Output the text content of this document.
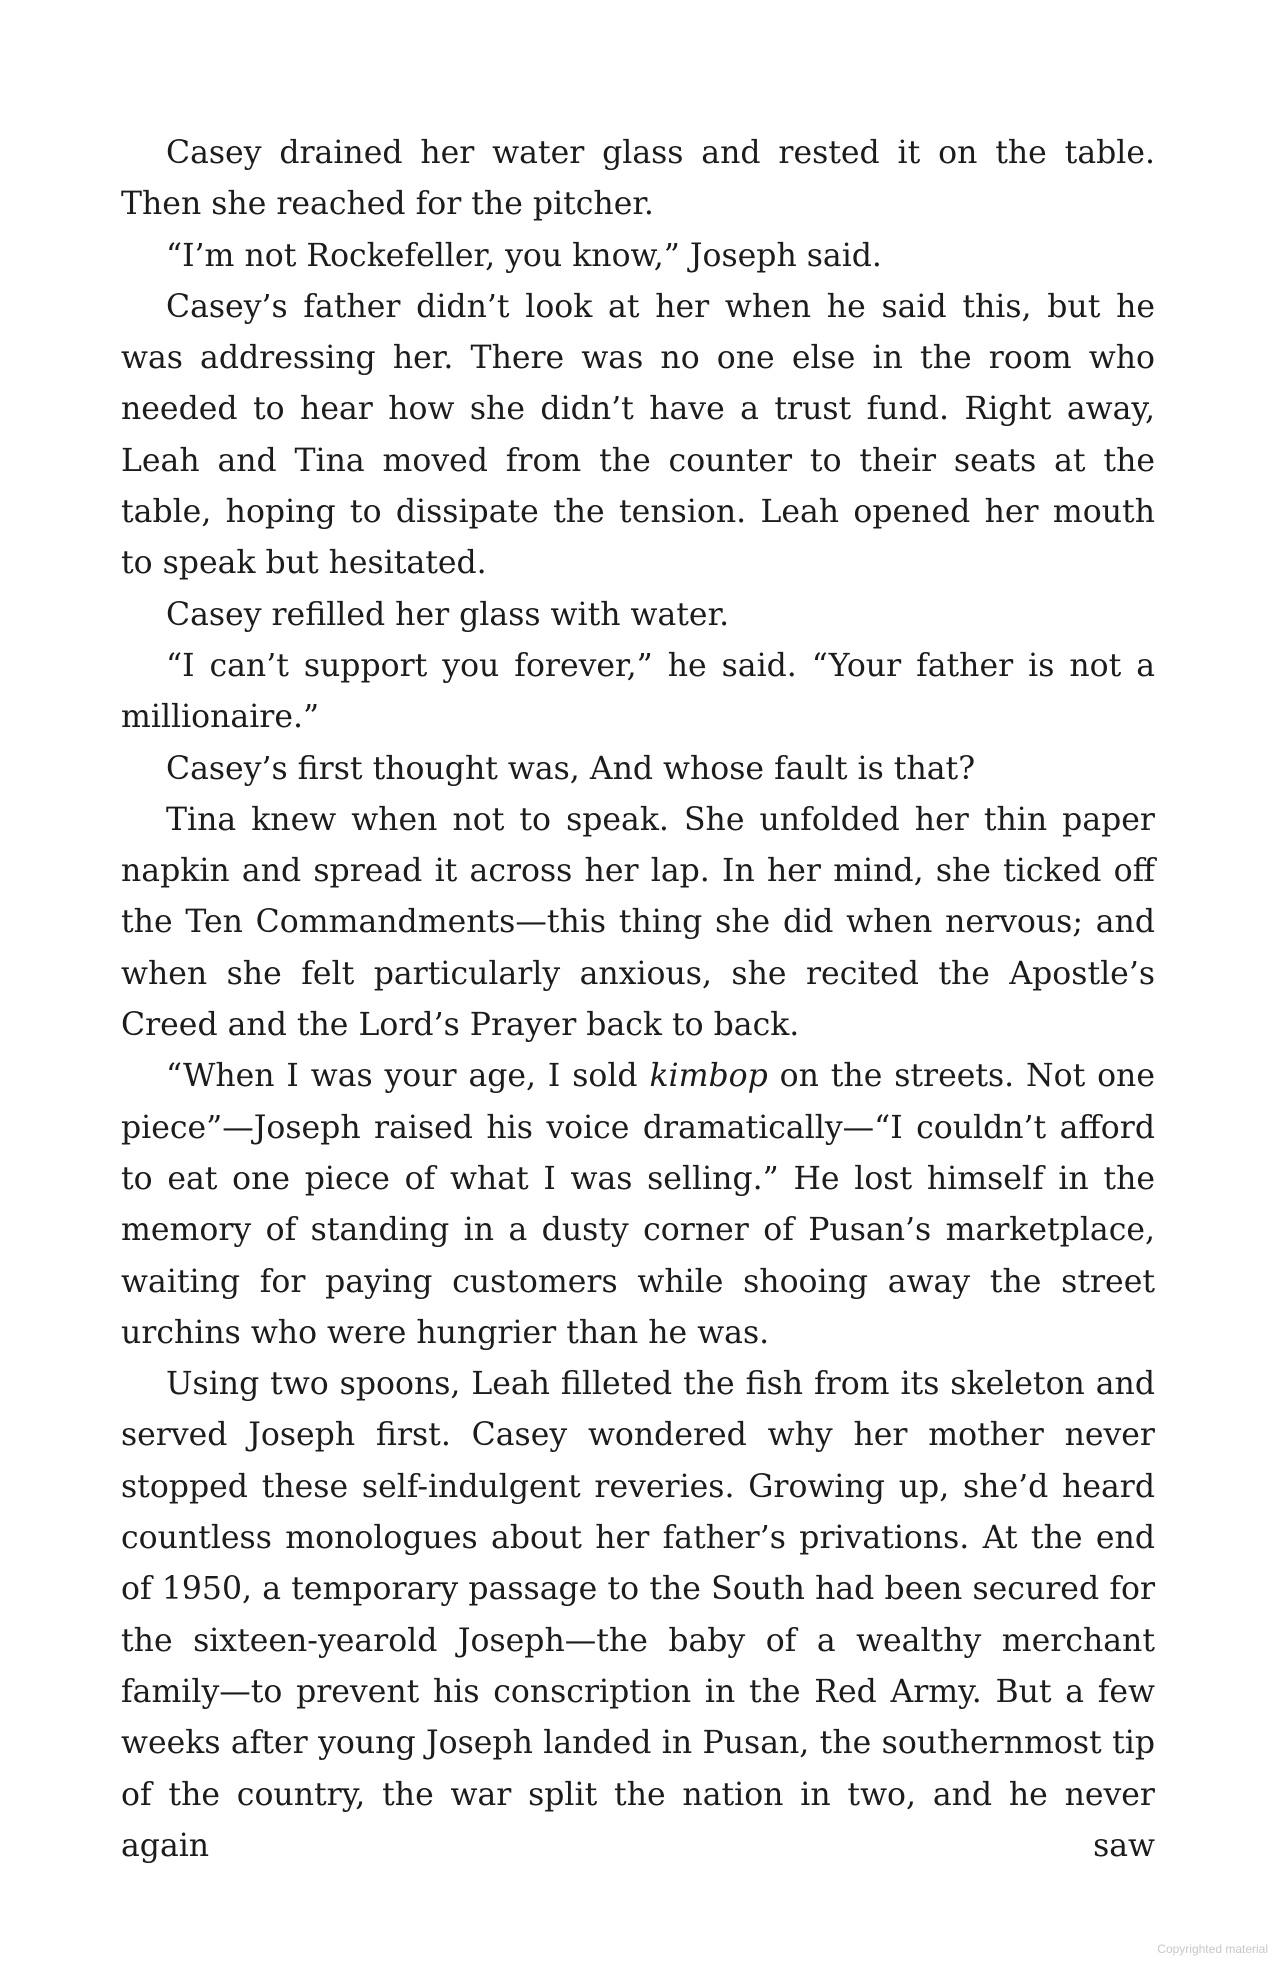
Casey drained her water glass and rested it on the table. Then she reached for the pitcher.

“I’m not Rockefeller, you know,” Joseph said.

Casey’s father didn’t look at her when he said this, but he was addressing her. There was no one else in the room who needed to hear how she didn’t have a trust fund. Right away, Leah and Tina moved from the counter to their seats at the table, hoping to dissipate the tension. Leah opened her mouth to speak but hesitated.

Casey refilled her glass with water.

“I can’t support you forever,” he said. “Your father is not a millionaire.”

Casey’s first thought was, And whose fault is that?

Tina knew when not to speak. She unfolded her thin paper napkin and spread it across her lap. In her mind, she ticked off the Ten Commandments—this thing she did when nervous; and when she felt particularly anxious, she recited the Apostle’s Creed and the Lord’s Prayer back to back.

“When I was your age, I sold kimbop on the streets. Not one piece”—Joseph raised his voice dramatically—“I couldn’t afford to eat one piece of what I was selling.” He lost himself in the memory of standing in a dusty corner of Pusan’s marketplace, waiting for paying customers while shooing away the street urchins who were hungrier than he was.

Using two spoons, Leah filleted the fish from its skeleton and served Joseph first. Casey wondered why her mother never stopped these self-indulgent reveries. Growing up, she’d heard countless monologues about her father’s privations. At the end of 1950, a temporary passage to the South had been secured for the sixteen-yearold Joseph—the baby of a wealthy merchant family—to prevent his conscription in the Red Army. But a few weeks after young Joseph landed in Pusan, the southernmost tip of the country, the war split the nation in two, and he never again saw

Copyrighted material
